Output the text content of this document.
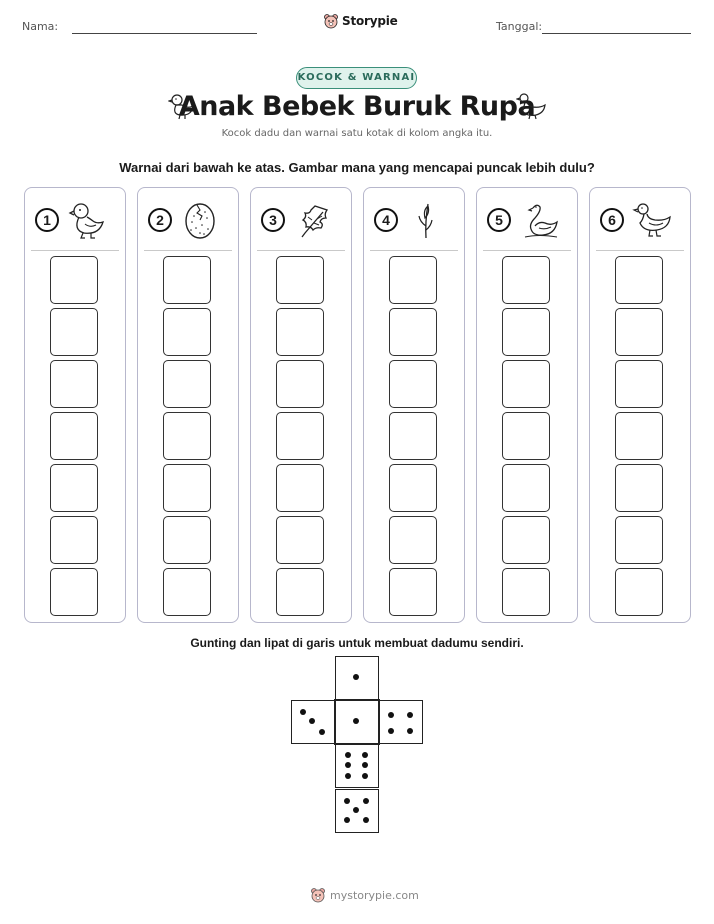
Nama:	Storypie	Tanggal:
KOCOK & WARNAI
Anak Bebek Buruk Rupa
Kocok dadu dan warnai satu kotak di kolom angka itu.
Warnai dari bawah ke atas. Gambar mana yang mencapai puncak lebih dulu?
1	2	3	4	5	6
Gunting dan lipat di garis untuk membuat dadumu sendiri.
mystorypie.com
